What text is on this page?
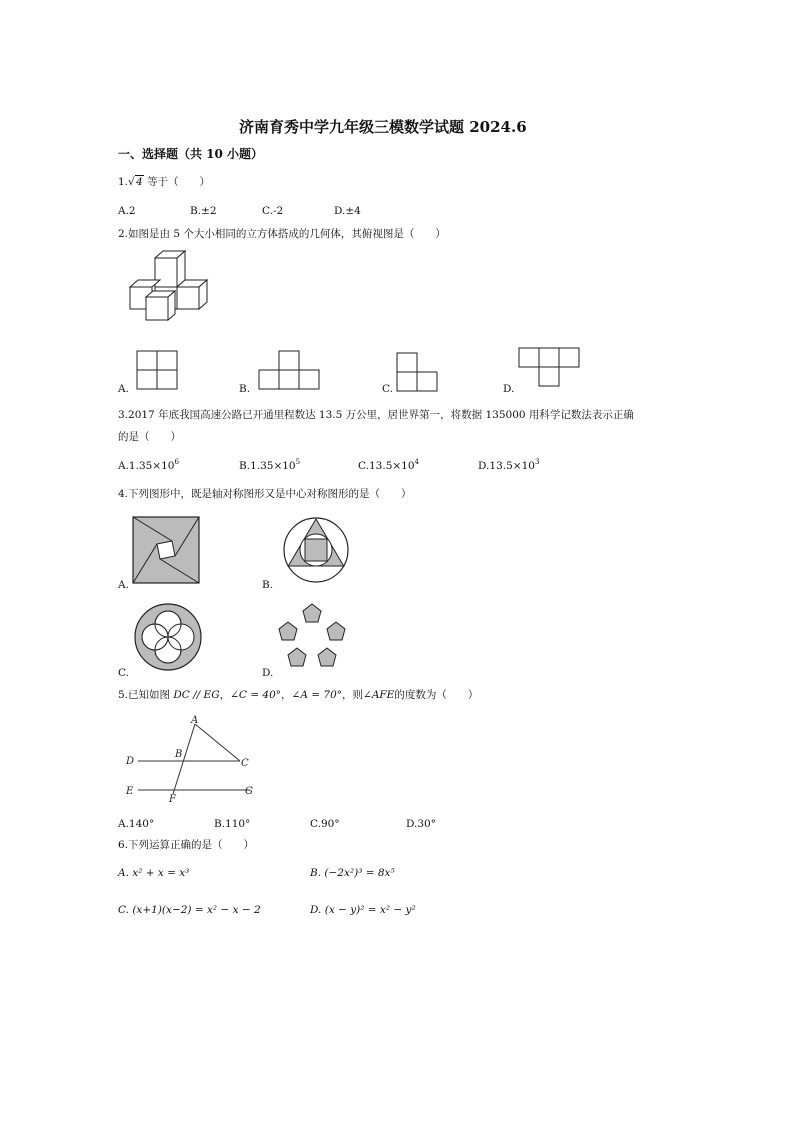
济南育秀中学九年级三模数学试题 2024.6
一、选择题（共 10 小题）
1. √ 4 等于（　　）
A.2	B.±2	C.-2	D.±4
2.如图是由 5 个大小相同的立方体搭成的几何体，其俯视图是（　　）
A.	B.	C.	D.
3.2017 年底我国高速公路已开通里程数达 13.5 万公里，居世界第一，将数据 135000 用科学记数法表示正确
的是（　　）
$A.1.35\times 10^6$	$B.1.35\times 10^5$	$C.13.5\times 10^4$	$D.13.5\times 10^3$
4.下列图形中，既是轴对称图形又是中心对称图形的是（　　）
A.	B.
C.	D.
5.已知如图 DC // EG，∠C = 40°，∠A = 70°，则∠AFE的度数为（　　）
A
B
C
D
E
F
G
A.140°	B.110°	C.90°	D.30°
6.下列运算正确的是（　　）
A. x² + x = x³	B. (−2x²)³ = 8x⁵
C. (x+1)(x−2) = x² − x − 2	D. (x − y)² = x² − y²
